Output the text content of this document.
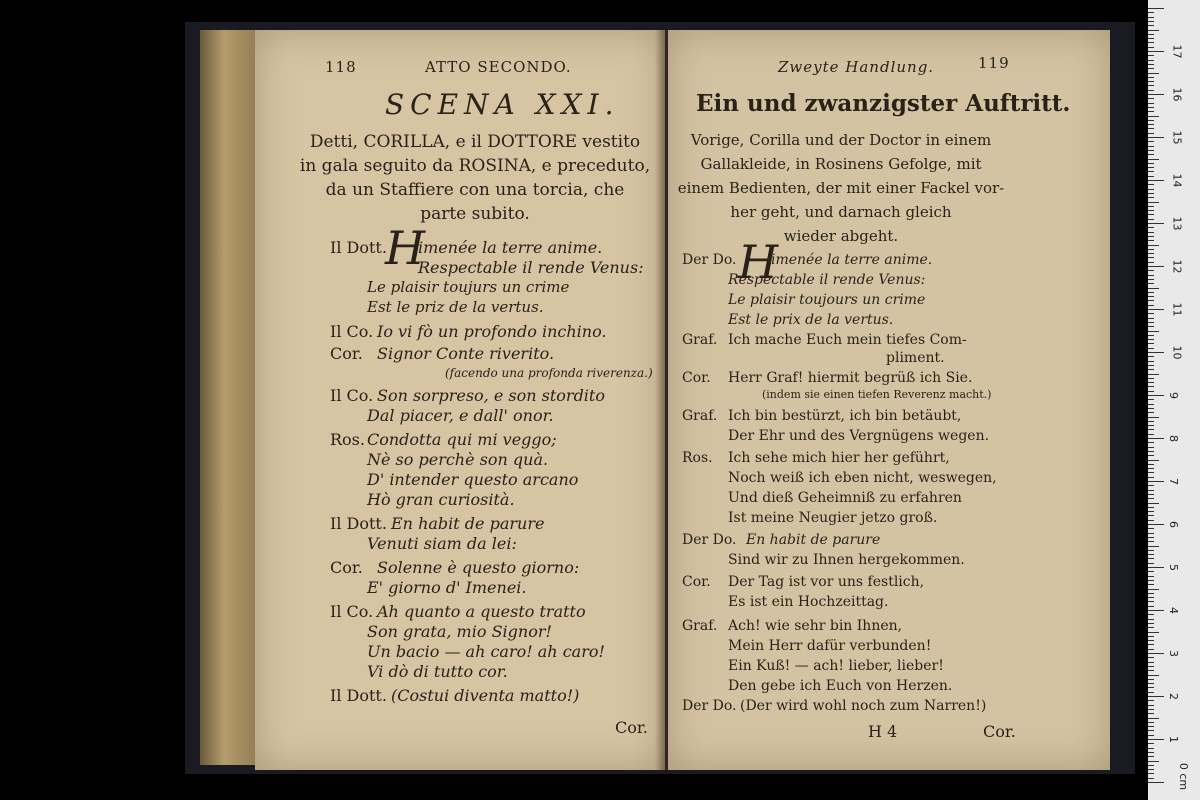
118	ATTO SECONDO.
SCENA XXI.
Detti, CORILLA, e il DOTTORE vestito
in gala seguito da ROSINA, e preceduto,
da un Staffiere con una torcia, che
parte subito.
Il Dott.
H
imenée la terre anime.
Respectable il rende Venus:
Le plaisir toujurs un crime
Est le priz de la vertus.
Il Co. Io vi fò un profondo inchino.
Cor. Signor Conte riverito.
(facendo una profonda riverenza.)
Il Co. Son sorpreso, e son stordito
Dal piacer, e dall' onor.
Ros. Condotta qui mi veggo;
Nè so perchè son quà.
D' intender questo arcano
Hò gran curiosità.
Il Dott. En habit de parure
Venuti siam da lei:
Cor. Solenne è questo giorno:
E' giorno d' Imenei.
Il Co. Ah quanto a questo tratto
Son grata, mio Signor!
Un bacio — ah caro! ah caro!
Vi dò di tutto cor.
Il Dott. (Costui diventa matto!)
Cor.
Zweyte Handlung.	119
Ein und zwanzigster Auftritt.
Vorige, Corilla und der Doctor in einem
Gallakleide, in Rosinens Gefolge, mit
einem Bedienten, der mit einer Fackel vor-
her geht, und darnach gleich
wieder abgeht.
Der Do. H
imenée la terre anime.
Respectable il rende Venus:
Le plaisir toujours un crime
Est le prix de la vertus.
Graf. Ich mache Euch mein tiefes Com-
pliment.
Cor. Herr Graf! hiermit begrüß ich Sie.
(indem sie einen tiefen Reverenz macht.)
Graf. Ich bin bestürzt, ich bin betäubt,
Der Ehr und des Vergnügens wegen.
Ros. Ich sehe mich hier her geführt,
Noch weiß ich eben nicht, weswegen,
Und dieß Geheimniß zu erfahren
Ist meine Neugier jetzo groß.
Der Do. En habit de parure
Sind wir zu Ihnen hergekommen.
Cor. Der Tag ist vor uns festlich,
Es ist ein Hochzeittag.
Graf. Ach! wie sehr bin Ihnen,
Mein Herr dafür verbunden!
Ein Kuß! — ach! lieber, lieber!
Den gebe ich Euch von Herzen.
Der Do. (Der wird wohl noch zum Narren!)
H 4	Cor.
17
16
15
14
13
12
11
10
9
8
7
6
5
4
3
2
1
0 cm
